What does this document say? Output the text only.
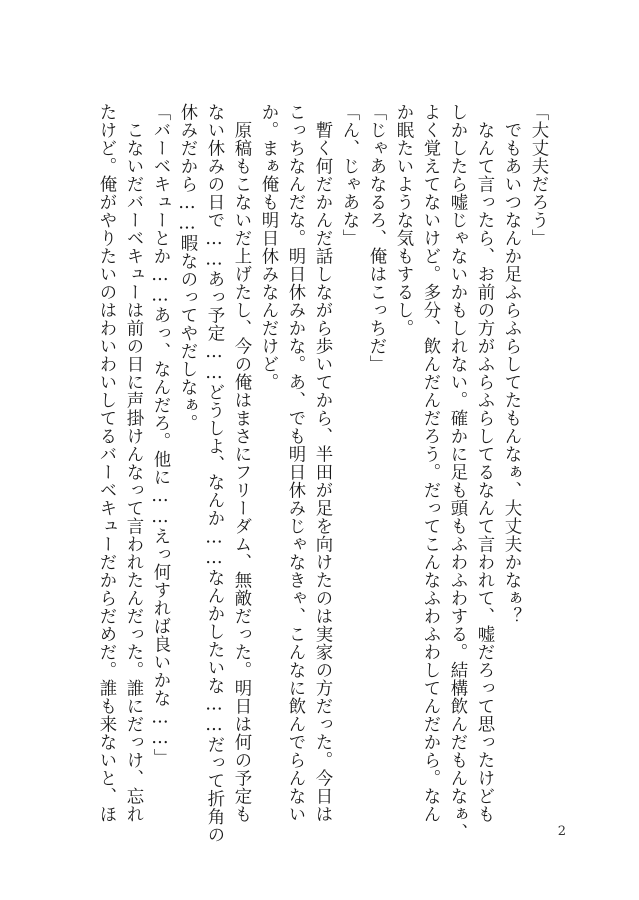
「大丈夫だろう」

　でもあいつなんか足ふらふらしてたもんなぁ、大丈夫かなぁ？

　なんて言ったら、お前の方がふらふらしてるなんて言われて、嘘だろって思ったけども

しかしたら嘘じゃないかもしれない。確かに足も頭もふわふわする。結構飲んだもんなぁ、

よく覚えてないけど。多分、飲んだんだろう。だってこんなふわふわしてんだから。なん

か眠たいような気もするし。

「じゃあなるろ、俺はこっちだ」

「ん、じゃあな」

　暫く何だかんだ話しながら歩いてから、半田が足を向けたのは実家の方だった。今日は

こっちなんだな。明日休みかな。あ、でも明日休みじゃなきゃ、こんなに飲んでらんない

か。まぁ俺も明日休みなんだけど。

　原稿もこないだ上げたし、今の俺はまさにフリーダム、無敵だった。明日は何の予定も

ない休みの日で……あっ予定……どうしよ、なんか……なんかしたいな……だって折角の

休みだから……暇なのってやだしなぁ。

「バーベキューとか……あっ、なんだろ。他に……えっ何すれば良いかな……」

　こないだバーベキューは前の日に声掛けんなって言われたんだった。誰にだっけ、忘れ

たけど。俺がやりたいのはわいわいしてるバーベキューだからだめだ。誰も来ないと、ほ

2
